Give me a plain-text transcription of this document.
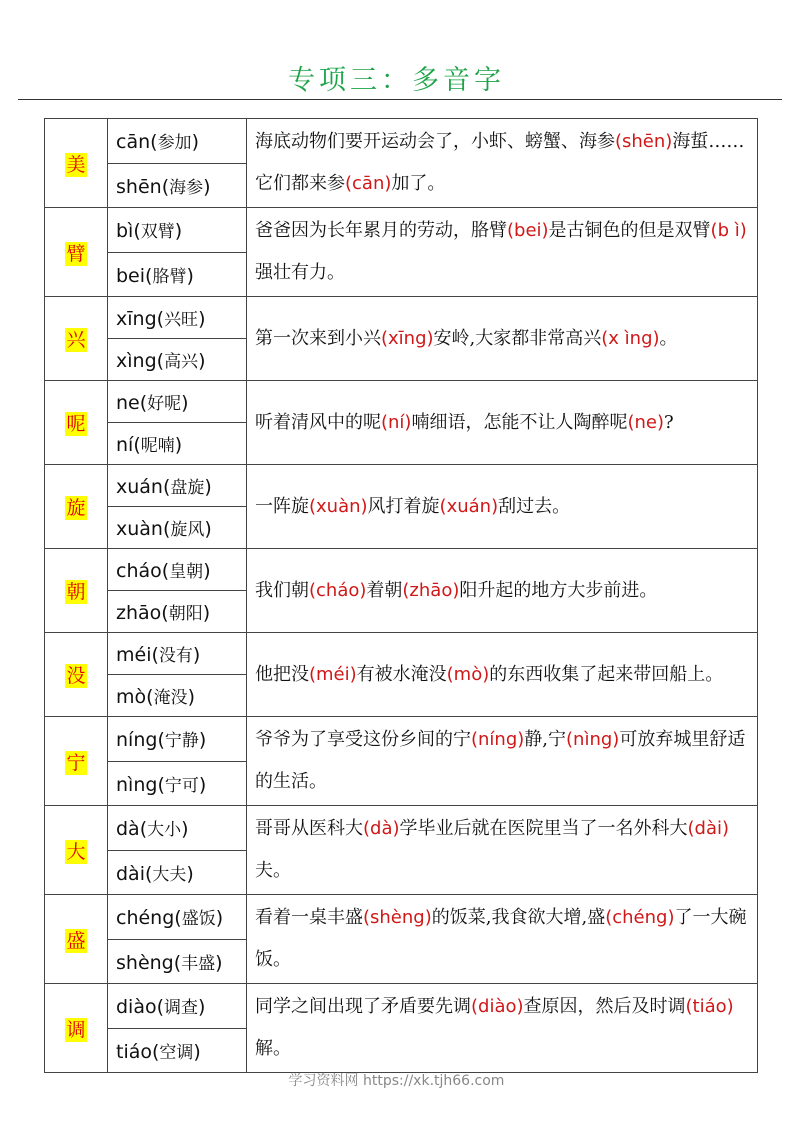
专项三：多音字
美	cān(参加)	海底动物们要开运动会了，小虾、螃蟹、海参(shēn)海蜇……它们都来参(cān)加了。
	shēn(海参)	
臂	bì(双臂)	爸爸因为长年累月的劳动，胳臂(bei)是古铜色的但是双臂(b ì)强壮有力。
	bei(胳臂)	
兴	xīng(兴旺)	第一次来到小兴(xīng)安岭,大家都非常高兴(x ìng)。
	xìng(高兴)	
呢	ne(好呢)	听着清风中的呢(ní)喃细语，怎能不让人陶醉呢(ne)?
	ní(呢喃)	
旋	xuán(盘旋)	一阵旋(xuàn)风打着旋(xuán)刮过去。
	xuàn(旋风)	
朝	cháo(皇朝)	我们朝(cháo)着朝(zhāo)阳升起的地方大步前进。
	zhāo(朝阳)	
没	méi(没有)	他把没(méi)有被水淹没(mò)的东西收集了起来带回船上。
	mò(淹没)	
宁	níng(宁静)	爷爷为了享受这份乡间的宁(níng)静,宁(nìng)可放弃城里舒适的生活。
	nìng(宁可)	
大	dà(大小)	哥哥从医科大(dà)学毕业后就在医院里当了一名外科大(dài)夫。
	dài(大夫)	
盛	chéng(盛饭)	看着一桌丰盛(shèng)的饭菜,我食欲大增,盛(chéng)了一大碗饭。
	shèng(丰盛)	
调	diào(调查)	同学之间出现了矛盾要先调(diào)查原因，然后及时调(tiáo)解。
	tiáo(空调)	
学习资料网 https://xk.tjh66.com
